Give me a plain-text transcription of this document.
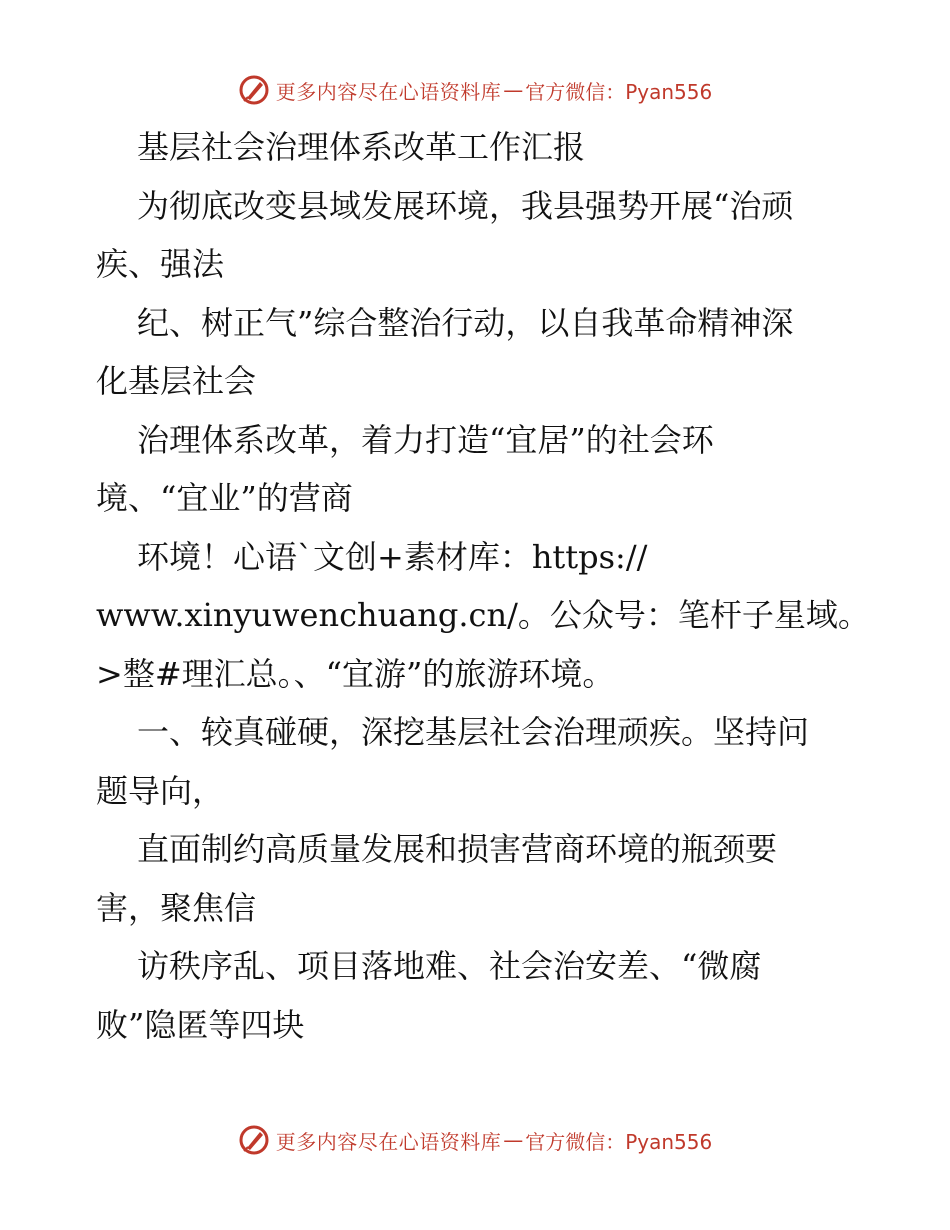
更多内容尽在心语资料库 — 官方微信：Pyan556
基层社会治理体系改革工作汇报
为彻底改变县域发展环境，我县强势开展“治顽
疾、强法
纪、树正气”综合整治行动，以自我革命精神深
化基层社会
治理体系改革，着力打造“宜居”的社会环
境、“宜业”的营商
环境！心语`文创+素材库：https://
www.xinyuwenchuang.cn/。公众号：笔杆子星域。
>整#理汇总。、“宜游”的旅游环境。
一、较真碰硬，深挖基层社会治理顽疾。坚持问
题导向，
直面制约高质量发展和损害营商环境的瓶颈要
害，聚焦信
访秩序乱、项目落地难、社会治安差、“微腐
败”隐匿等四块
更多内容尽在心语资料库 — 官方微信：Pyan556
